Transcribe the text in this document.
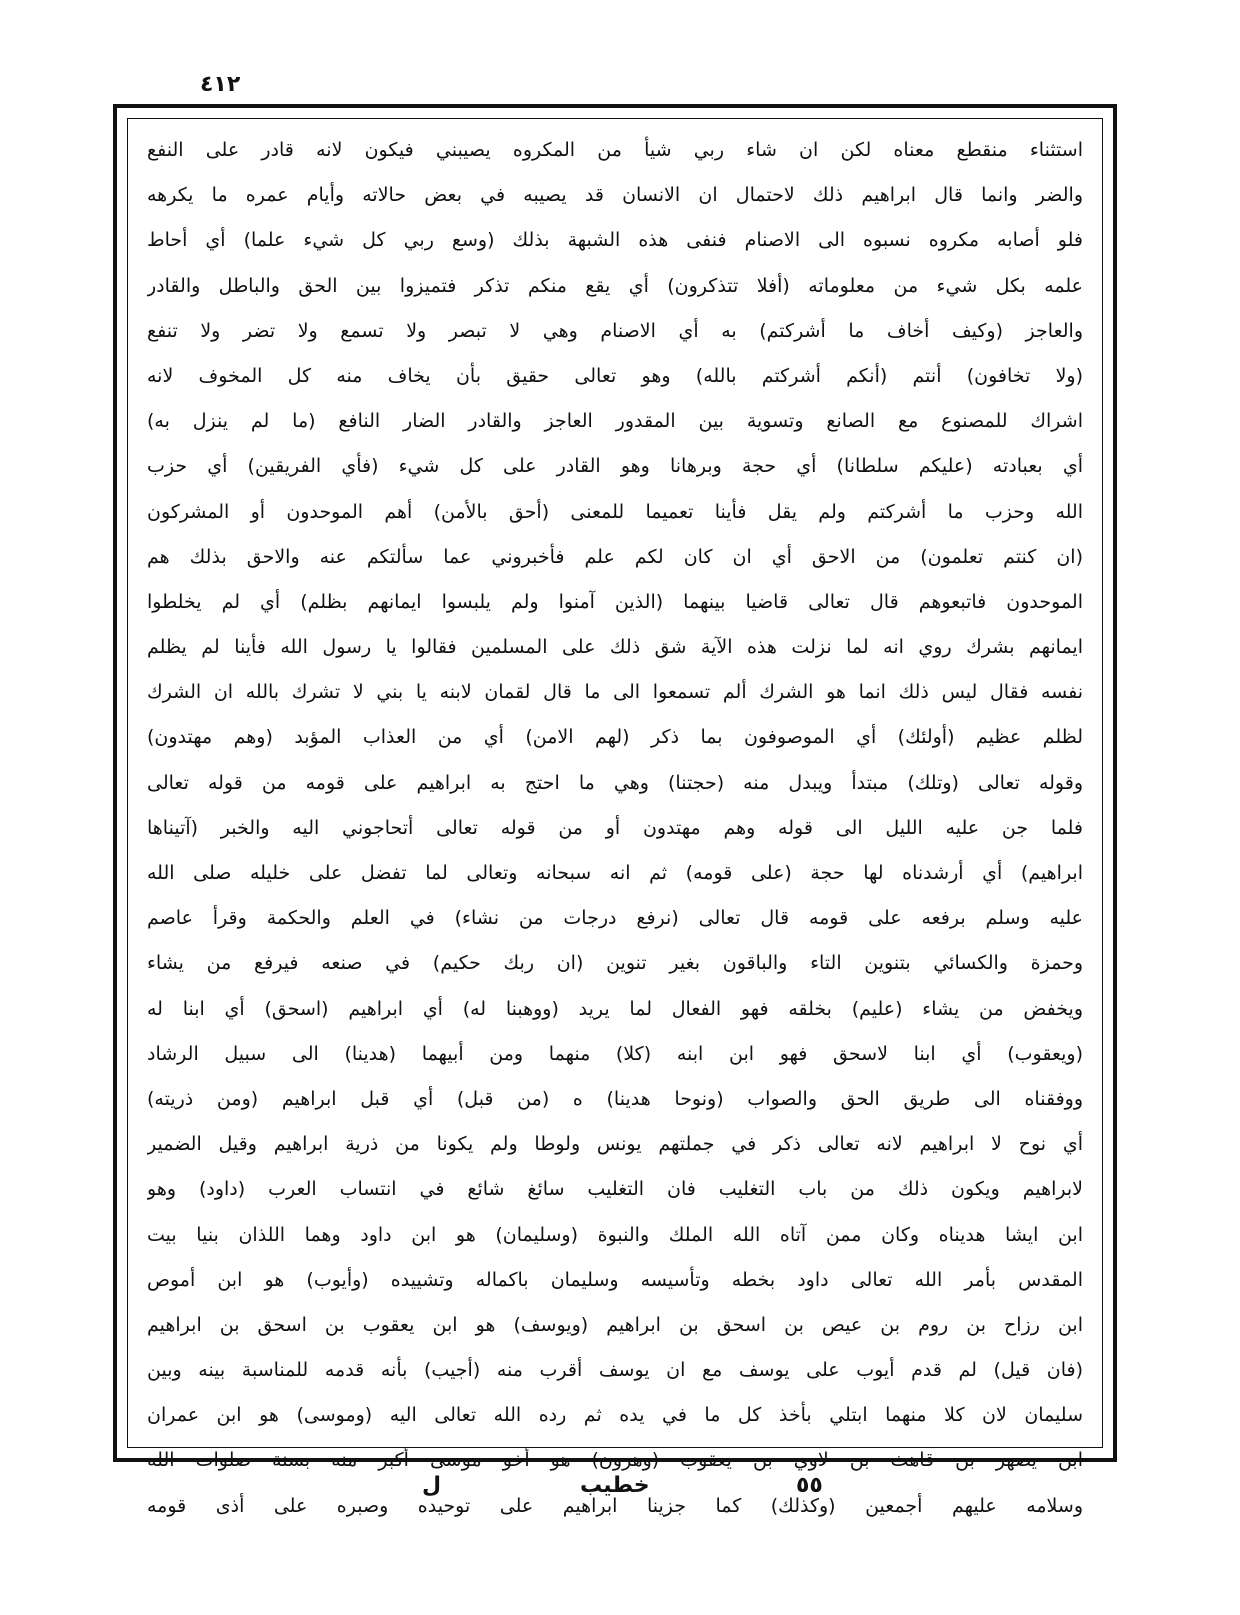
٤١٢
استثناء منقطع معناه لكن ان شاء ربي شيأ من المكروه يصيبني فيكون لانه قادر على النفع
والضر وانما قال ابراهيم ذلك لاحتمال ان الانسان قد يصيبه في بعض حالاته وأيام عمره ما يكرهه
فلو أصابه مكروه نسبوه الى الاصنام فنفى هذه الشبهة بذلك (وسع ربي كل شيء علما) أي أحاط
علمه بكل شيء من معلوماته (أفلا تتذكرون) أي يقع منكم تذكر فتميزوا بين الحق والباطل والقادر
والعاجز (وكيف أخاف ما أشركتم) به أي الاصنام وهي لا تبصر ولا تسمع ولا تضر ولا تنفع
(ولا تخافون) أنتم (أنكم أشركتم بالله) وهو تعالى حقيق بأن يخاف منه كل المخوف لانه
اشراك للمصنوع مع الصانع وتسوية بين المقدور العاجز والقادر الضار النافع (ما لم ينزل به)
أي بعبادته (عليكم سلطانا) أي حجة وبرهانا وهو القادر على كل شيء (فأي الفريقين) أي حزب
الله وحزب ما أشركتم ولم يقل فأينا تعميما للمعنى (أحق بالأمن) أهم الموحدون أو المشركون
(ان كنتم تعلمون) من الاحق أي ان كان لكم علم فأخبروني عما سألتكم عنه والاحق بذلك هم
الموحدون فاتبعوهم قال تعالى قاضيا بينهما (الذين آمنوا ولم يلبسوا ايمانهم بظلم) أي لم يخلطوا
ايمانهم بشرك روي انه لما نزلت هذه الآية شق ذلك على المسلمين فقالوا يا رسول الله فأينا لم يظلم
نفسه فقال ليس ذلك انما هو الشرك ألم تسمعوا الى ما قال لقمان لابنه يا بني لا تشرك بالله ان الشرك
لظلم عظيم (أولئك) أي الموصوفون بما ذكر (لهم الامن) أي من العذاب المؤبد (وهم مهتدون)
وقوله تعالى (وتلك) مبتدأ ويبدل منه (حجتنا) وهي ما احتج به ابراهيم على قومه من قوله تعالى
فلما جن عليه الليل الى قوله وهم مهتدون أو من قوله تعالى أتحاجوني اليه والخبر (آتيناها
ابراهيم) أي أرشدناه لها حجة (على قومه) ثم انه سبحانه وتعالى لما تفضل على خليله صلى الله
عليه وسلم برفعه على قومه قال تعالى (نرفع درجات من نشاء) في العلم والحكمة وقرأ عاصم
وحمزة والكسائي بتنوين التاء والباقون بغير تنوين (ان ربك حكيم) في صنعه فيرفع من يشاء
ويخفض من يشاء (عليم) بخلقه فهو الفعال لما يريد (ووهبنا له) أي ابراهيم (اسحق) أي ابنا له
(ويعقوب) أي ابنا لاسحق فهو ابن ابنه (كلا) منهما ومن أبيهما (هدينا) الى سبيل الرشاد
ووفقناه الى طريق الحق والصواب (ونوحا هدينا) ه (من قبل) أي قبل ابراهيم (ومن ذريته)
أي نوح لا ابراهيم لانه تعالى ذكر في جملتهم يونس ولوطا ولم يكونا من ذرية ابراهيم وقيل الضمير
لابراهيم ويكون ذلك من باب التغليب فان التغليب سائغ شائع في انتساب العرب (داود) وهو
ابن ايشا هديناه وكان ممن آتاه الله الملك والنبوة (وسليمان) هو ابن داود وهما اللذان بنيا بيت
المقدس بأمر الله تعالى داود بخطه وتأسيسه وسليمان باكماله وتشييده (وأيوب) هو ابن أموص
ابن رزاح بن روم بن عيص بن اسحق بن ابراهيم (ويوسف) هو ابن يعقوب بن اسحق بن ابراهيم
(فان قيل) لم قدم أيوب على يوسف مع ان يوسف أقرب منه (أجيب) بأنه قدمه للمناسبة بينه وبين
سليمان لان كلا منهما ابتلي بأخذ كل ما في يده ثم رده الله تعالى اليه (وموسى) هو ابن عمران
ابن يصهر بن قاهث بن لاوي بن يعقوب (وهرون) هو أخو موسى أكبر منه بسنة صلوات الله
وسلامه عليهم أجمعين (وكذلك) كما جزينا ابراهيم على توحيده وصبره على أذى قومه
٥٥
خطيب
ل
